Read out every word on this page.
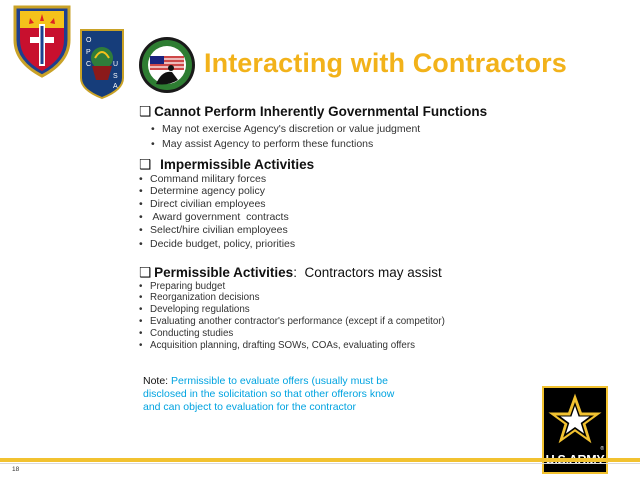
O
P
C	U
S
A
Interacting with Contractors
❑ Cannot Perform Inherently Governmental Functions
• May not exercise Agency's discretion or value judgment
• May assist Agency to perform these functions
❑ Impermissible Activities
• Command military forces
• Determine agency policy
• Direct civilian employees
• Award government  contracts
• Select/hire civilian employees
• Decide budget, policy, priorities
❑ Permissible Activities:  Contractors may assist
• Preparing budget
• Reorganization decisions
• Developing regulations
• Evaluating another contractor's performance (except if a competitor)
• Conducting studies
• Acquisition planning, drafting SOWs, COAs, evaluating offers
Note: Permissible to evaluate offers (usually must be disclosed in the solicitation so that other offerors know and can object to evaluation for the contractor
®
18
